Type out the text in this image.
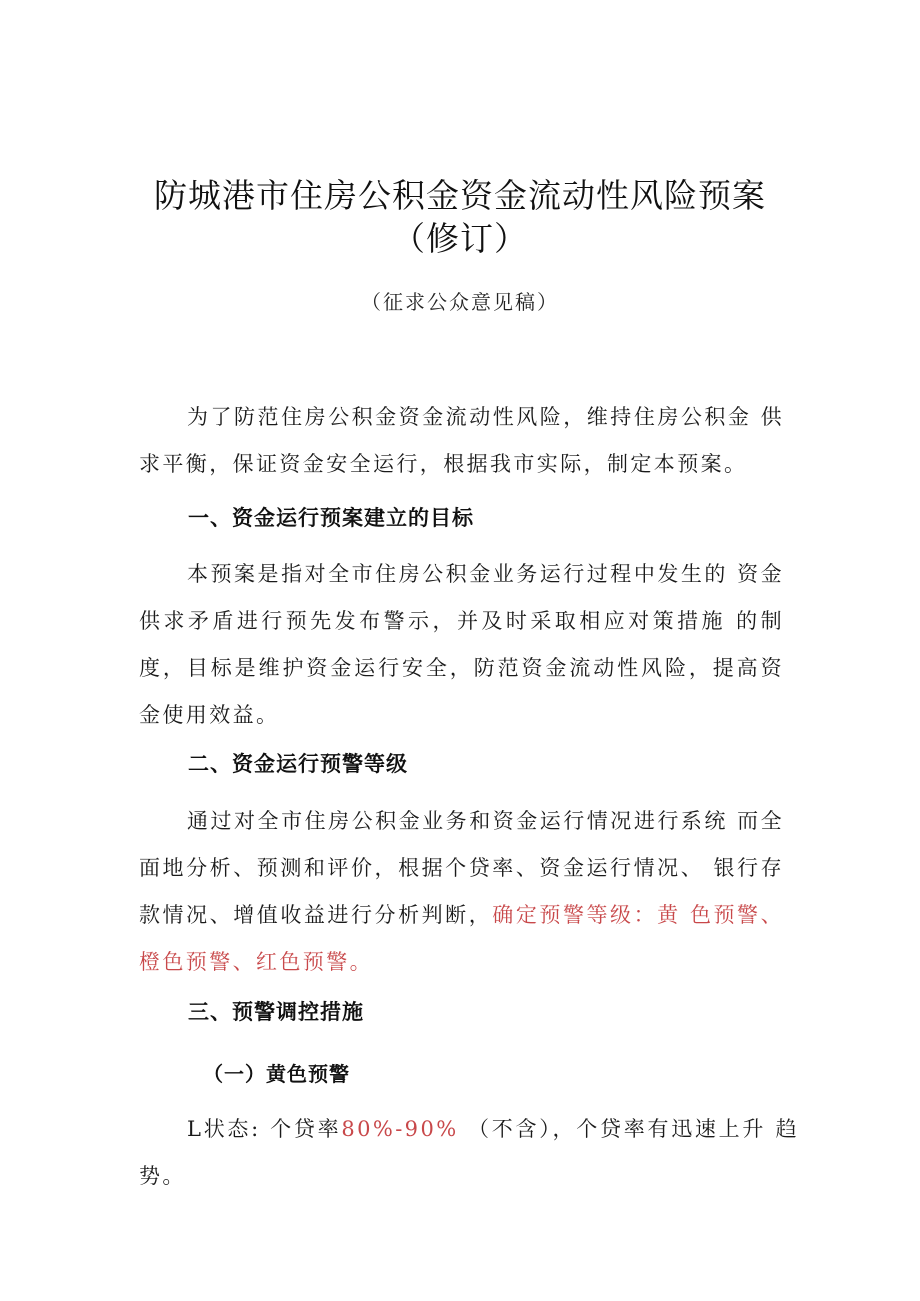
防城港市住房公积金资金流动性风险预案
（修订）
（征求公众意见稿）
为了防范住房公积金资金流动性风险，维持住房公积金 供求平衡，保证资金安全运行，根据我市实际，制定本预案。
一、资金运行预案建立的目标
本预案是指对全市住房公积金业务运行过程中发生的 资金供求矛盾进行预先发布警示，并及时采取相应对策措施 的制度，目标是维护资金运行安全，防范资金流动性风险，提高资金使用效益。
二、资金运行预警等级
通过对全市住房公积金业务和资金运行情况进行系统 而全面地分析、预测和评价，根据个贷率、资金运行情况、 银行存款情况、增值收益进行分析判断，确定预警等级：黄 色预警、橙色预警、红色预警。
三、预警调控措施
（一）黄色预警
L状态: 个贷率80%-90% （不含），个贷率有迅速上升 趋势。
